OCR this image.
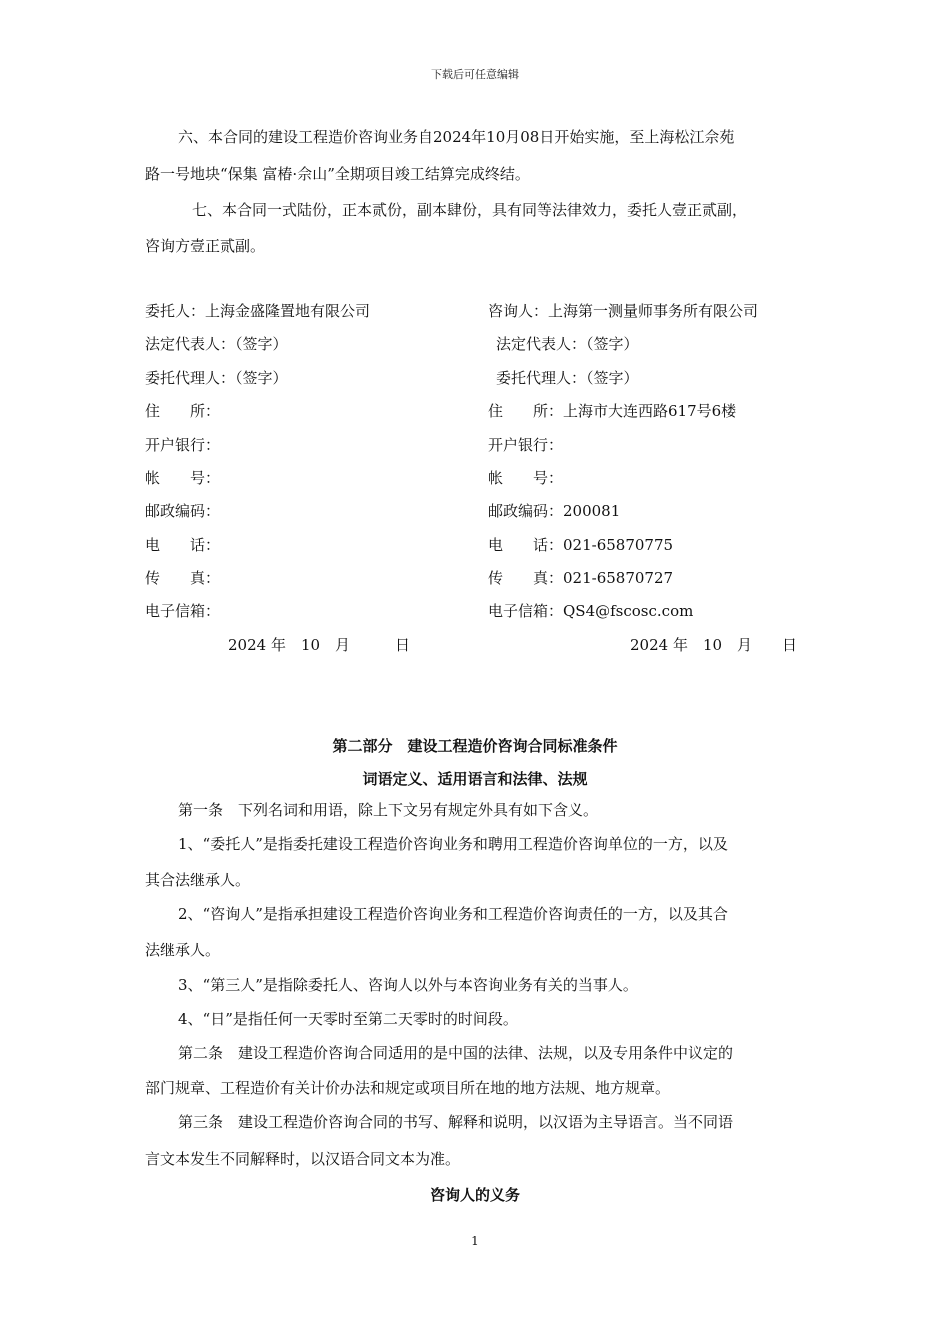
下载后可任意编辑
六、本合同的建设工程造价咨询业务自2024年10月08日开始实施，至上海松江佘苑
路一号地块“保集 富椿·佘山”全期项目竣工结算完成终结。
七、本合同一式陆份，正本贰份，副本肆份，具有同等法律效力，委托人壹正贰副，
咨询方壹正贰副。
委托人：上海金盛隆置地有限公司
法定代表人：（签字）
委托代理人：（签字）
住　　所：
开户银行：
帐　　号：
邮政编码：
电　　话：
传　　真：
电子信箱：
2024 年　10　月　　　日
咨询人：上海第一测量师事务所有限公司
法定代表人：（签字）
委托代理人：（签字）
住　　所：上海市大连西路617号6楼
开户银行：
帐　　号：
邮政编码：200081
电　　话：021-65870775
传　　真：021-65870727
电子信箱：QS4@fscosc.com
2024 年　10　月　　日
第二部分　建设工程造价咨询合同标准条件
词语定义、适用语言和法律、法规
第一条　下列名词和用语，除上下文另有规定外具有如下含义。
1、“委托人”是指委托建设工程造价咨询业务和聘用工程造价咨询单位的一方，以及
其合法继承人。
2、“咨询人”是指承担建设工程造价咨询业务和工程造价咨询责任的一方，以及其合
法继承人。
3、“第三人”是指除委托人、咨询人以外与本咨询业务有关的当事人。
4、“日”是指任何一天零时至第二天零时的时间段。
第二条　建设工程造价咨询合同适用的是中国的法律、法规，以及专用条件中议定的
部门规章、工程造价有关计价办法和规定或项目所在地的地方法规、地方规章。
第三条　建设工程造价咨询合同的书写、解释和说明，以汉语为主导语言。当不同语
言文本发生不同解释时，以汉语合同文本为准。
咨询人的义务
1
